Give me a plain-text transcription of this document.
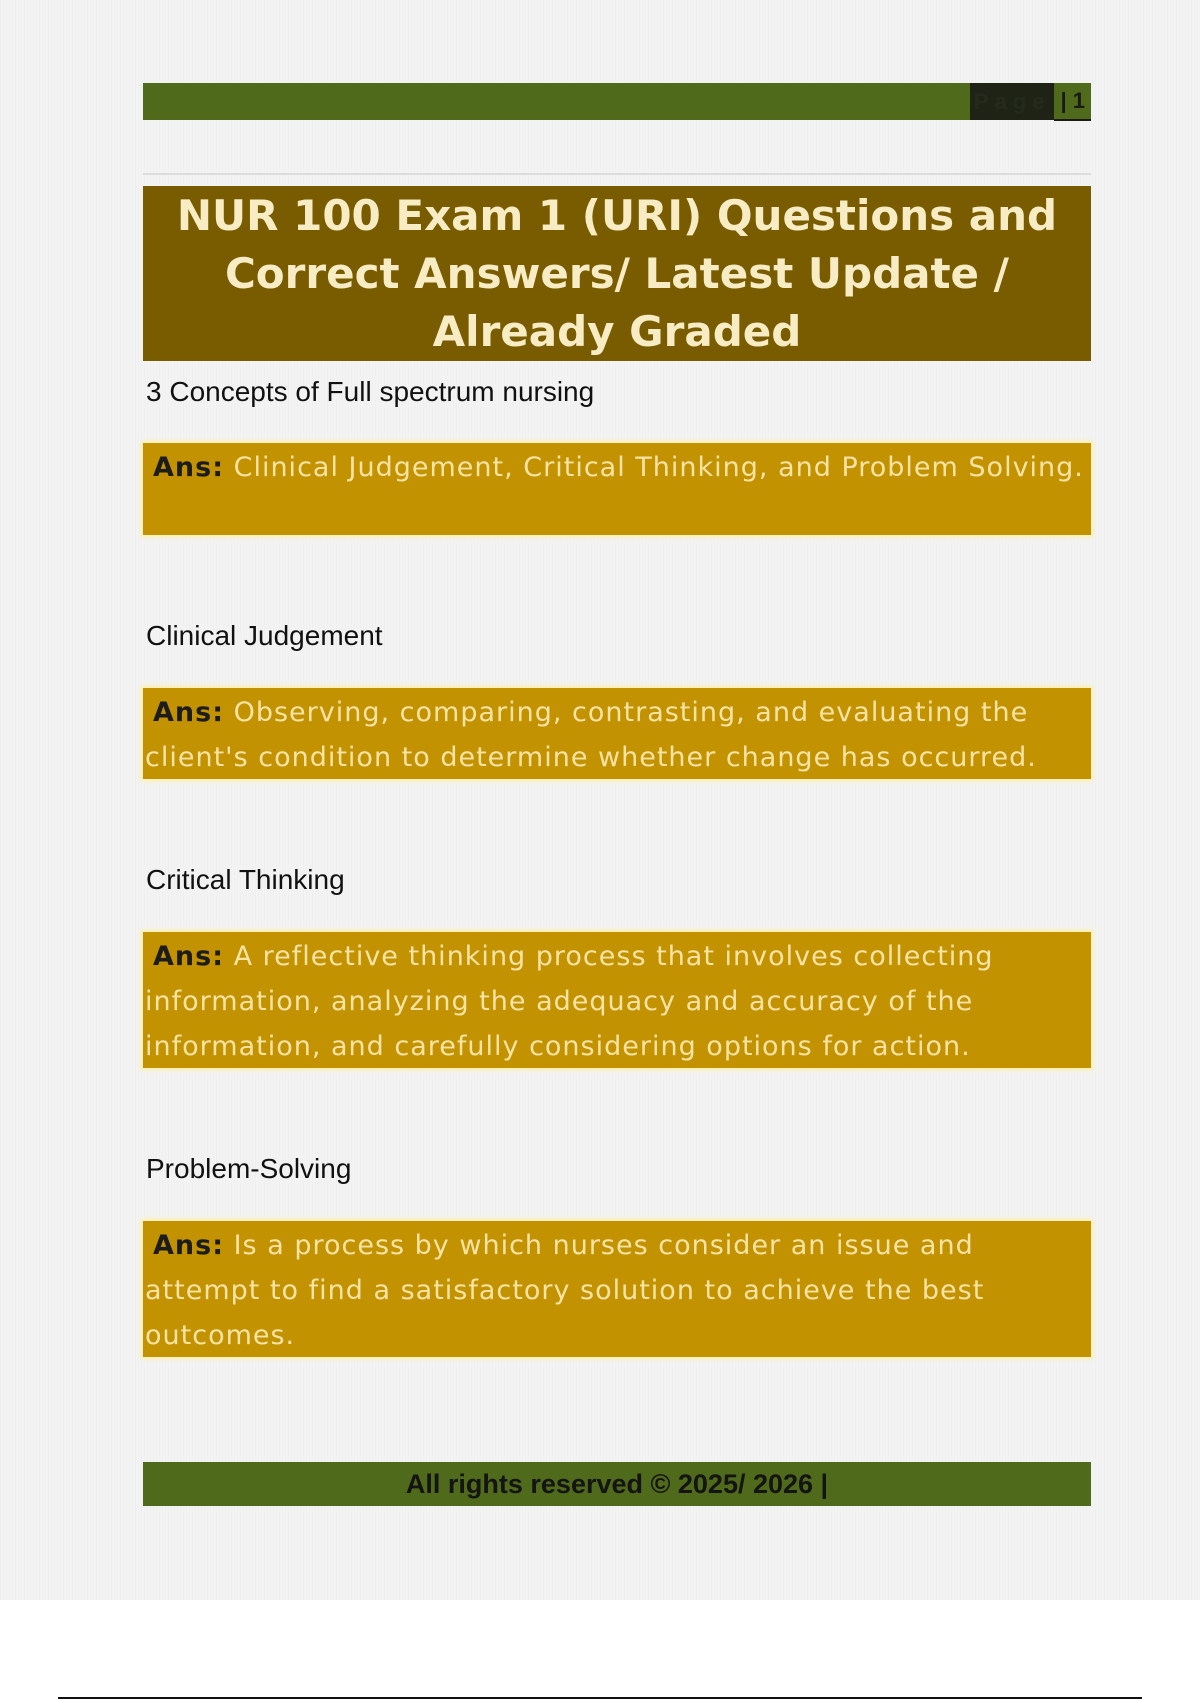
Page | 1
NUR 100 Exam 1 (URI) Questions and Correct Answers/ Latest Update / Already Graded
3 Concepts of Full spectrum nursing
Ans: Clinical Judgement, Critical Thinking, and Problem Solving.
Clinical Judgement
Ans: Observing, comparing, contrasting, and evaluating the client's condition to determine whether change has occurred.
Critical Thinking
Ans: A reflective thinking process that involves collecting information, analyzing the adequacy and accuracy of the information, and carefully considering options for action.
Problem-Solving
Ans: Is a process by which nurses consider an issue and attempt to find a satisfactory solution to achieve the best outcomes.
All rights reserved © 2025/ 2026 |
